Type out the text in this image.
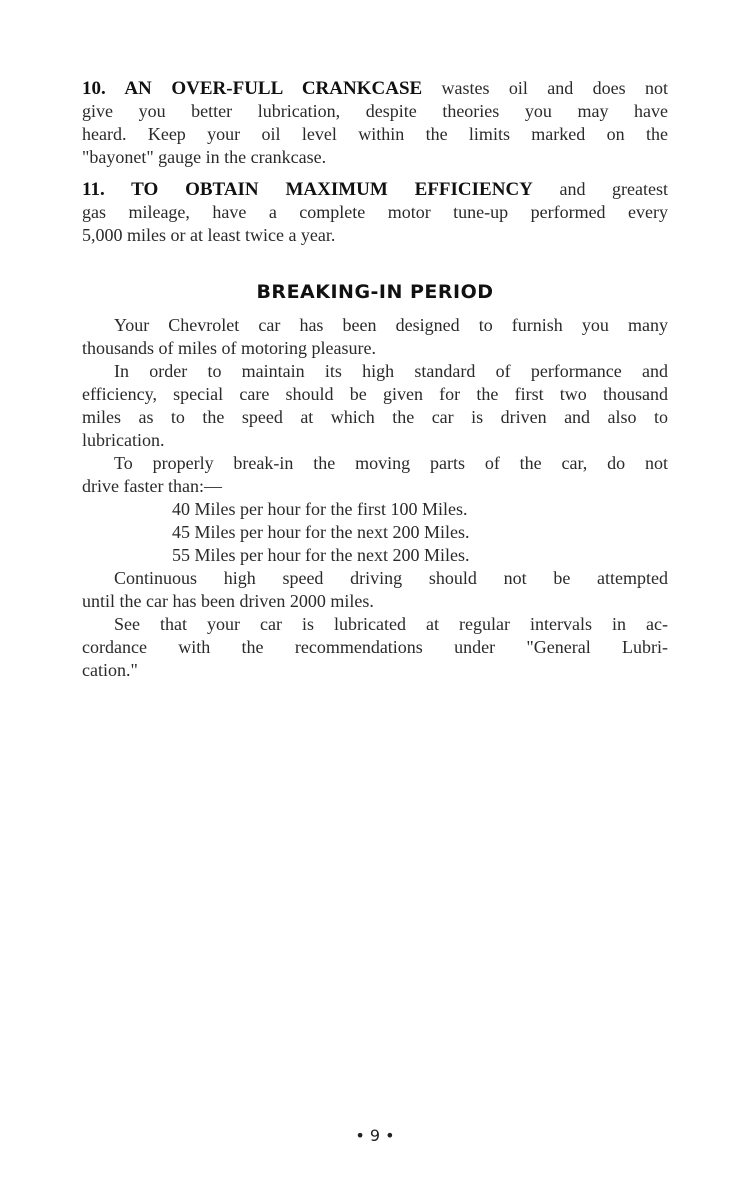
10. AN OVER-FULL CRANKCASE wastes oil and does not
give you better lubrication, despite theories you may have
heard. Keep your oil level within the limits marked on the
"bayonet" gauge in the crankcase.
11. TO OBTAIN MAXIMUM EFFICIENCY and greatest
gas mileage, have a complete motor tune-up performed every
5,000 miles or at least twice a year.
BREAKING-IN PERIOD
Your Chevrolet car has been designed to furnish you many
thousands of miles of motoring pleasure.
In order to maintain its high standard of performance and
efficiency, special care should be given for the first two thousand
miles as to the speed at which the car is driven and also to
lubrication.
To properly break-in the moving parts of the car, do not
drive faster than:—
40 Miles per hour for the first 100 Miles.
45 Miles per hour for the next 200 Miles.
55 Miles per hour for the next 200 Miles.
Continuous high speed driving should not be attempted
until the car has been driven 2000 miles.
See that your car is lubricated at regular intervals in ac-
cordance with the recommendations under "General Lubri-
cation."
• 9 •
